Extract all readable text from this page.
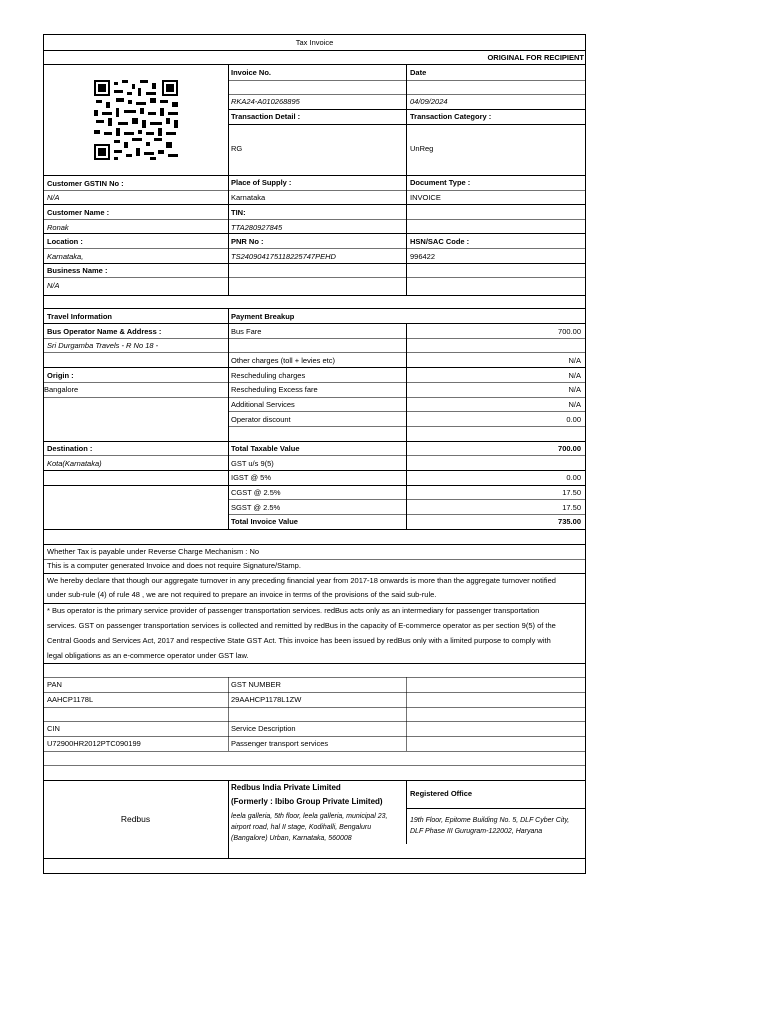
Tax Invoice
ORIGINAL FOR RECIPIENT
Invoice No.	Date
RKA24-A010268895	04/09/2024
Transaction Detail :	Transaction Category :
RG	UnReg
Customer GSTIN No :	Place of Supply :	Document Type :
N/A	Karnataka	INVOICE
Customer Name :	TIN:
Ronak	TTA280927845
Location :	PNR No :	HSN/SAC Code :
Karnataka,	TS240904175118225747PEHD	996422
Business Name :
N/A
Travel Information	Payment Breakup
Bus Operator Name & Address :
Sri Durgamba Travels - R No 18 -
Origin :
Bangalore
Destination :
Kota(Karnataka)
Bus Fare	700.00
Other charges (toll + levies etc)	N/A
Rescheduling charges	N/A
Rescheduling Excess fare	N/A
Additional Services	N/A
Operator discount	0.00
Total Taxable Value	700.00
GST u/s 9(5)
IGST @ 5%	0.00
CGST @ 2.5%	17.50
SGST @ 2.5%	17.50
Total Invoice Value	735.00
Whether Tax is payable under Reverse Charge Mechanism : No
This is a computer generated Invoice and does not require Signature/Stamp.
We hereby declare that though our aggregate turnover in any preceding financial year from 2017-18 onwards is more than the aggregate turnover notified
under sub-rule (4) of rule 48 , we are not required to prepare an invoice in terms of the provisions of the said sub-rule.
* Bus operator is the primary service provider of passenger transportation services. redBus acts only as an intermediary for passenger transportation
services. GST on passenger transportation services is collected and remitted by redBus in the capacity of E-commerce operator as per section 9(5) of the
Central Goods and Services Act, 2017 and respective State GST Act. This invoice has been issued by redBus only with a limited purpose to comply with
legal obligations as an e-commerce operator under GST law.
PAN	GST NUMBER
AAHCP1178L	29AAHCP1178L1ZW
CIN	Service Description
U72900HR2012PTC090199	Passenger transport services
Redbus
Redbus India Private Limited
(Formerly : Ibibo Group Private Limited)
leela galleria, 5th floor, leela galleria, municipal 23, airport road, hal II stage, Kodihalli, Bengaluru (Bangalore) Urban, Karnataka, 560008
Registered Office
19th Floor, Epitome Building No. 5, DLF Cyber City, DLF Phase III Gurugram-122002, Haryana
